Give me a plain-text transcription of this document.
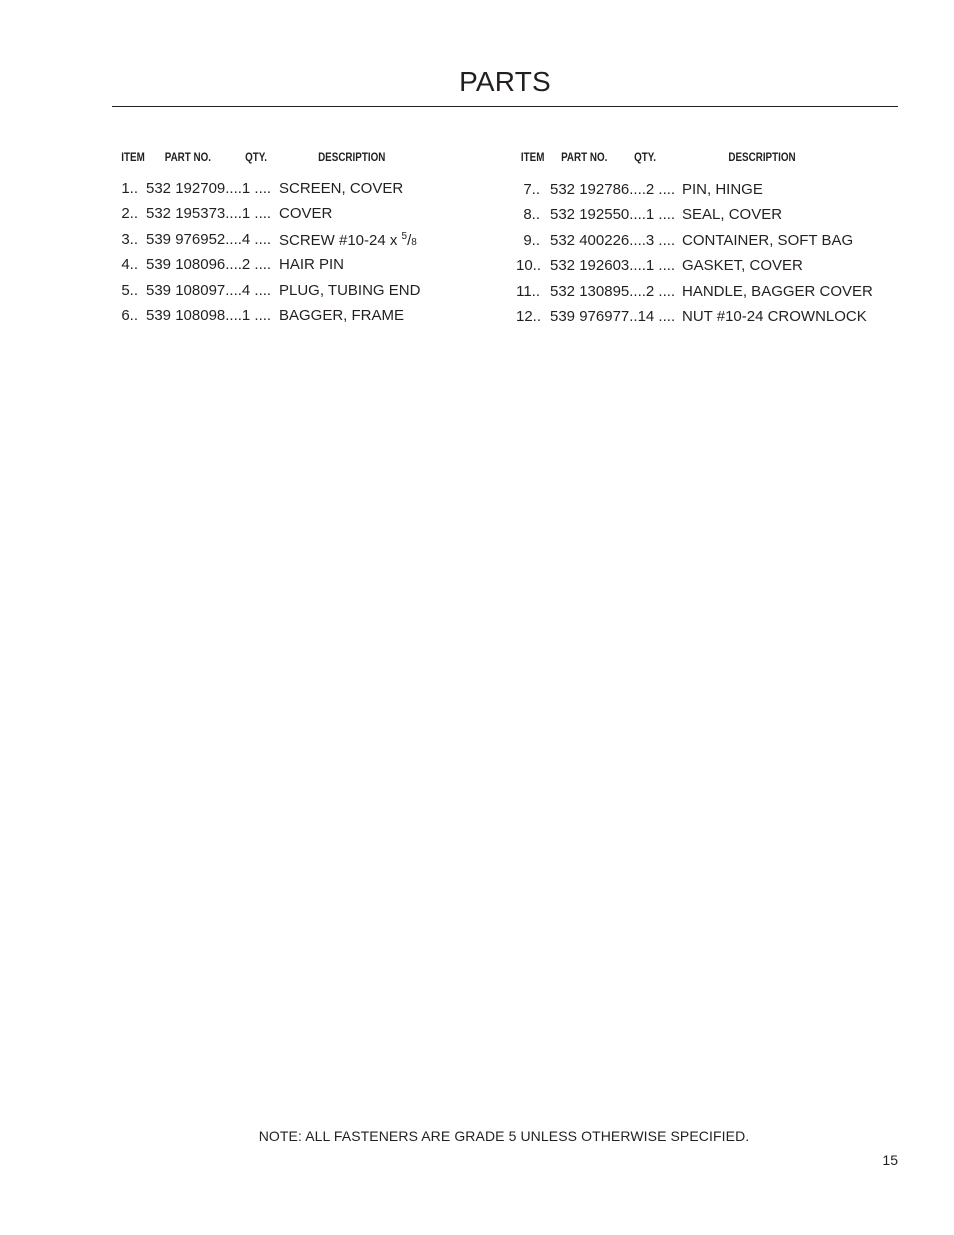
PARTS
ITEM PART NO.	QTY.	DESCRIPTION
1.. 532 192709....1 .... SCREEN, COVER
2.. 532 195373....1 .... COVER
3.. 539 976952....4 .... SCREW #10-24 x $^5$/8
4.. 539 108096....2 .... HAIR PIN
5.. 539 108097....4 .... PLUG, TUBING END
6.. 539 108098....1 .... BAGGER, FRAME
ITEM PART NO. QTY.	DESCRIPTION
7.. 532 192786....2 .... PIN, HINGE
8.. 532 192550....1 .... SEAL, COVER
9.. 532 400226....3 .... CONTAINER, SOFT BAG
10.. 532 192603....1 .... GASKET, COVER
11.. 532 130895....2 .... HANDLE, BAGGER COVER
12.. 539 976977..14 .... NUT #10-24 CROWNLOCK
NOTE: ALL FASTENERS ARE GRADE 5 UNLESS OTHERWISE SPECIFIED.
15
